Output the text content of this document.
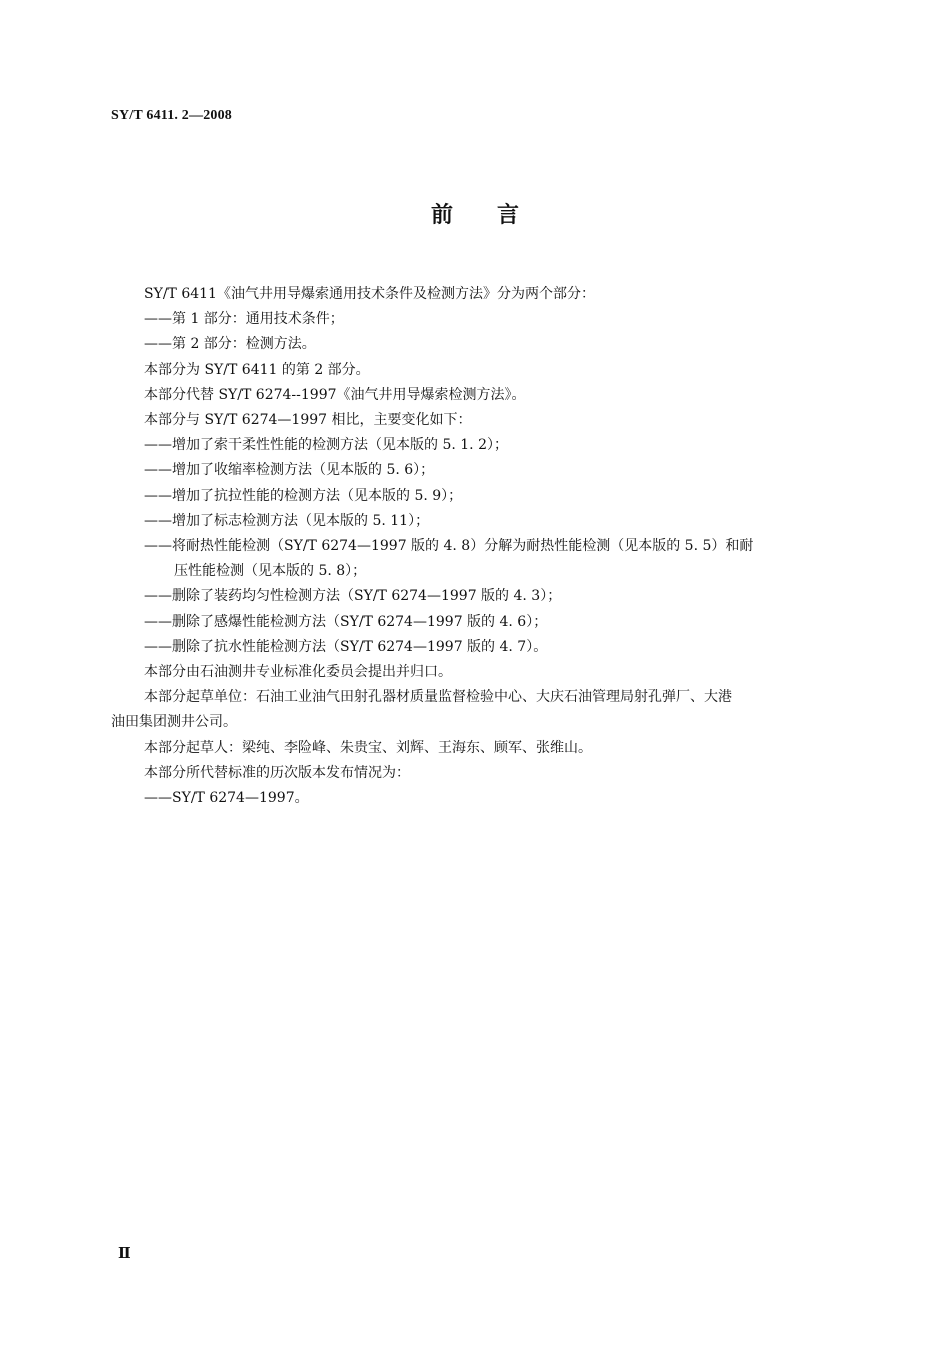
SY/T 6411. 2—2008
前言
SY/T 6411《油气井用导爆索通用技术条件及检测方法》分为两个部分：
——第 1 部分：通用技术条件；
——第 2 部分：检测方法。
本部分为 SY/T 6411 的第 2 部分。
本部分代替 SY/T 6274--1997《油气井用导爆索检测方法》。
本部分与 SY/T 6274—1997 相比，主要变化如下：
——增加了索干柔性性能的检测方法（见本版的 5. 1. 2）；
——增加了收缩率检测方法（见本版的 5. 6）；
——增加了抗拉性能的检测方法（见本版的 5. 9）；
——增加了标志检测方法（见本版的 5. 11）；
——将耐热性能检测（SY/T 6274—1997 版的 4. 8）分解为耐热性能检测（见本版的 5. 5）和耐
压性能检测（见本版的 5. 8）；
——删除了装药均匀性检测方法（SY/T 6274—1997 版的 4. 3）；
——删除了感爆性能检测方法（SY/T 6274—1997 版的 4. 6）；
——删除了抗水性能检测方法（SY/T 6274—1997 版的 4. 7）。
本部分由石油测井专业标准化委员会提出并归口。
本部分起草单位：石油工业油气田射孔器材质量监督检验中心、大庆石油管理局射孔弹厂、大港
油田集团测井公司。
本部分起草人：梁纯、李险峰、朱贵宝、刘辉、王海东、顾军、张维山。
本部分所代替标准的历次版本发布情况为：
——SY/T 6274—1997。
Ⅱ
